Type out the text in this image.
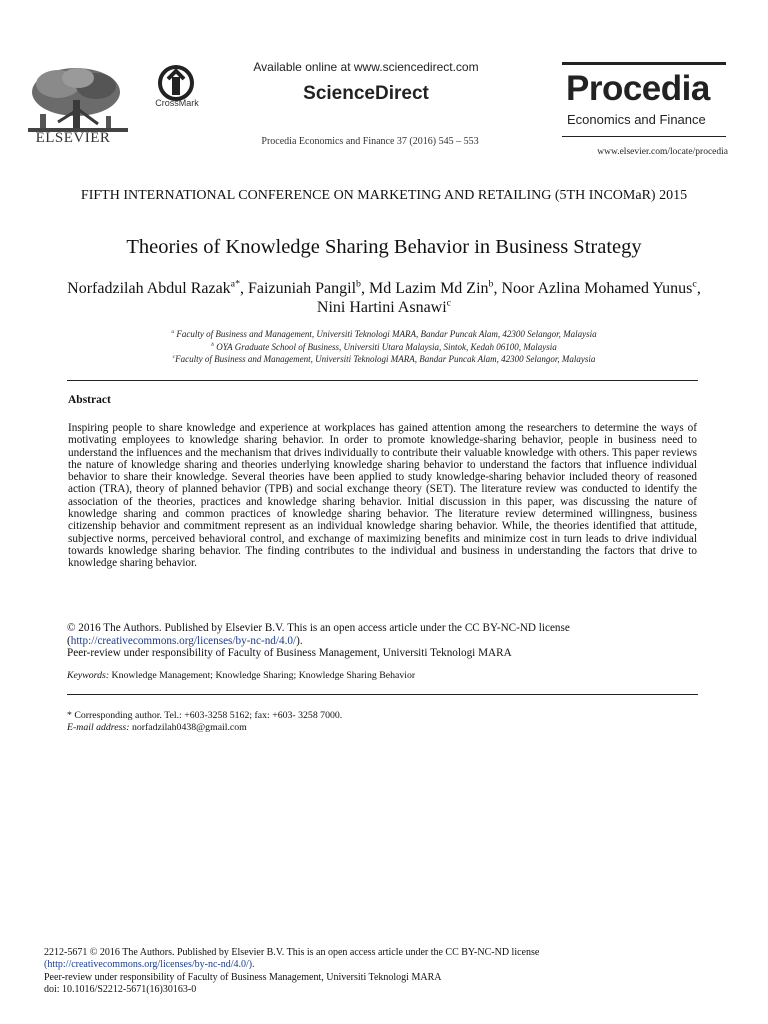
ELSEVIER
CrossMark
Available online at www.sciencedirect.com
ScienceDirect
Procedia Economics and Finance 37 (2016) 545 – 553
Procedia
Economics and Finance
www.elsevier.com/locate/procedia
FIFTH INTERNATIONAL CONFERENCE ON MARKETING AND RETAILING (5TH INCOMaR) 2015
Theories of Knowledge Sharing Behavior in Business Strategy
Norfadzilah Abdul Razak$^{a*}$, Faizuniah Pangil$^b$, Md Lazim Md Zin$^b$, Noor Azlina Mohamed Yunus$^c$, Nini Hartini Asnawi$^c$
$^a$ Faculty of Business and Management, Universiti Teknologi MARA, Bandar Puncak Alam, 42300 Selangor, Malaysia
$^b$ OYA Graduate School of Business, Universiti Utara Malaysia, Sintok, Kedah 06100, Malaysia
$^c$Faculty of Business and Management, Universiti Teknologi MARA, Bandar Puncak Alam, 42300 Selangor, Malaysia
Abstract
Inspiring people to share knowledge and experience at workplaces has gained attention among the researchers to determine the ways of motivating employees to knowledge sharing behavior. In order to promote knowledge-sharing behavior, people in business need to understand the influences and the mechanism that drives individually to contribute their valuable knowledge with others. This paper reviews the nature of knowledge sharing and theories underlying knowledge sharing behavior to understand the factors that influence individual behavior to share their knowledge. Several theories have been applied to study knowledge-sharing behavior included theory of reasoned action (TRA), theory of planned behavior (TPB) and social exchange theory (SET). The literature review was conducted to identify the association of the theories, practices and knowledge sharing behavior. Initial discussion in this paper, was discussing the nature of knowledge sharing and common practices of knowledge sharing behavior. The literature review determined willingness, business citizenship behavior and commitment represent as an individual knowledge sharing behavior. While, the theories identified that attitude, subjective norms, perceived behavioral control, and exchange of maximizing benefits and minimize cost in turn leads to drive individual towards knowledge sharing behavior. The finding contributes to the individual and business in understanding the factors that drive to knowledge sharing behavior.
© 2016 The Authors. Published by Elsevier B.V. This is an open access article under the CC BY-NC-ND license
(http://creativecommons.org/licenses/by-nc-nd/4.0/).
Peer-review under responsibility of Faculty of Business Management, Universiti Teknologi MARA
Keywords: Knowledge Management; Knowledge Sharing; Knowledge Sharing Behavior
* Corresponding author. Tel.: +603-3258 5162; fax: +603- 3258 7000.
E-mail address: norfadzilah0438@gmail.com
2212-5671 © 2016 The Authors. Published by Elsevier B.V. This is an open access article under the CC BY-NC-ND license
(http://creativecommons.org/licenses/by-nc-nd/4.0/).
Peer-review under responsibility of Faculty of Business Management, Universiti Teknologi MARA
doi: 10.1016/S2212-5671(16)30163-0
